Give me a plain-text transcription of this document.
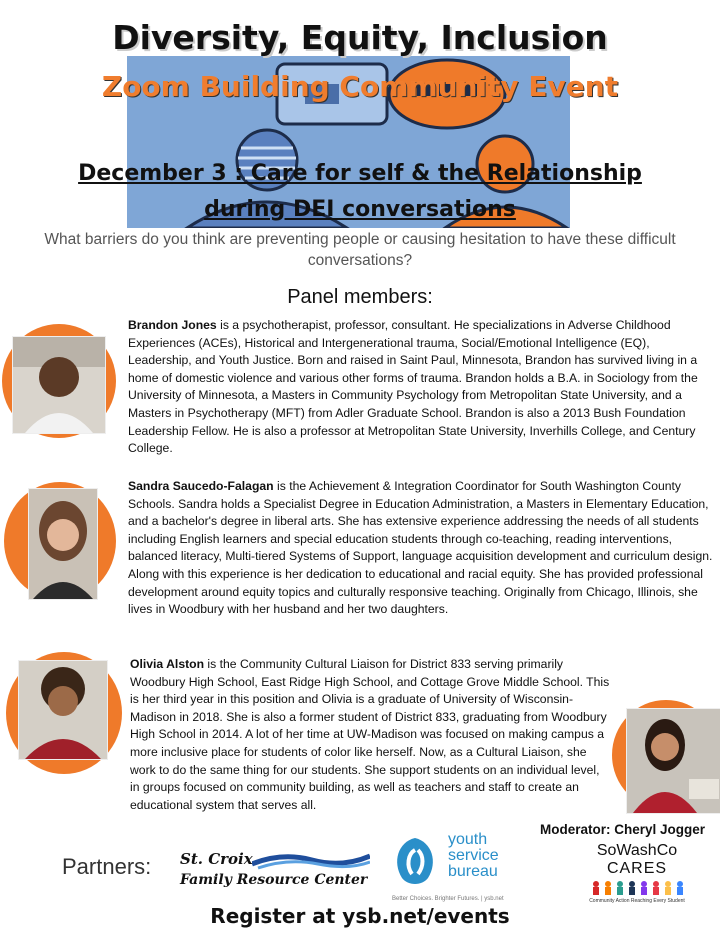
Diversity, Equity, Inclusion
Zoom Building Community Event
December 3 : Care for self & the Relationship
during DEI conversations
What barriers do you think are preventing people or causing hesitation to have these difficult conversations?
Panel members:
Brandon Jones is a psychotherapist, professor, consultant. He specializations in Adverse Childhood Experiences (ACEs), Historical and Intergenerational trauma, Social/Emotional Intelligence (EQ), Leadership, and Youth Justice. Born and raised in Saint Paul, Minnesota, Brandon has survived living in a home of domestic violence and various other forms of trauma. Brandon holds a B.A. in Sociology from the University of Minnesota, a Masters in Community Psychology from Metropolitan State University, and a Masters in Psychotherapy (MFT) from Adler Graduate School. Brandon is also a 2013 Bush Foundation Leadership Fellow. He is also a professor at Metropolitan State University, Inverhills College, and Century College.
Sandra Saucedo-Falagan is the Achievement & Integration Coordinator for South Washington County Schools. Sandra holds a Specialist Degree in Education Administration, a Masters in Elementary Education, and a bachelor's degree in liberal arts. She has extensive experience addressing the needs of all students including English learners and special education students through co-teaching, reading interventions, balanced literacy, Multi-tiered Systems of Support, language acquisition development and curriculum design. Along with this experience is her dedication to educational and racial equity. She has provided professional development around equity topics and culturally responsive teaching. Originally from Chicago, Illinois, she lives in Woodbury with her husband and her two daughters.
Olivia Alston is the Community Cultural Liaison for District 833 serving primarily Woodbury High School, East Ridge High School, and Cottage Grove Middle School. This is her third year in this position and Olivia is a graduate of University of Wisconsin-Madison in 2018. She is also a former student of District 833, graduating from Woodbury High School in 2014. A lot of her time at UW-Madison was focused on making campus a more inclusive place for students of color like herself. Now, as a Cultural Liaison, she work to do the same thing for our students. She support students on an individual level, in groups focused on community building, as well as teachers and staff to create an educational system that serves all.
Moderator: Cheryl Jogger
Partners: St. Croix
Family Resource Center
youth
service
bureau
Better Choices. Brighter Futures. | ysb.net
SoWashCo
CARES
Community Action Reaching Every Student
Register at ysb.net/events
